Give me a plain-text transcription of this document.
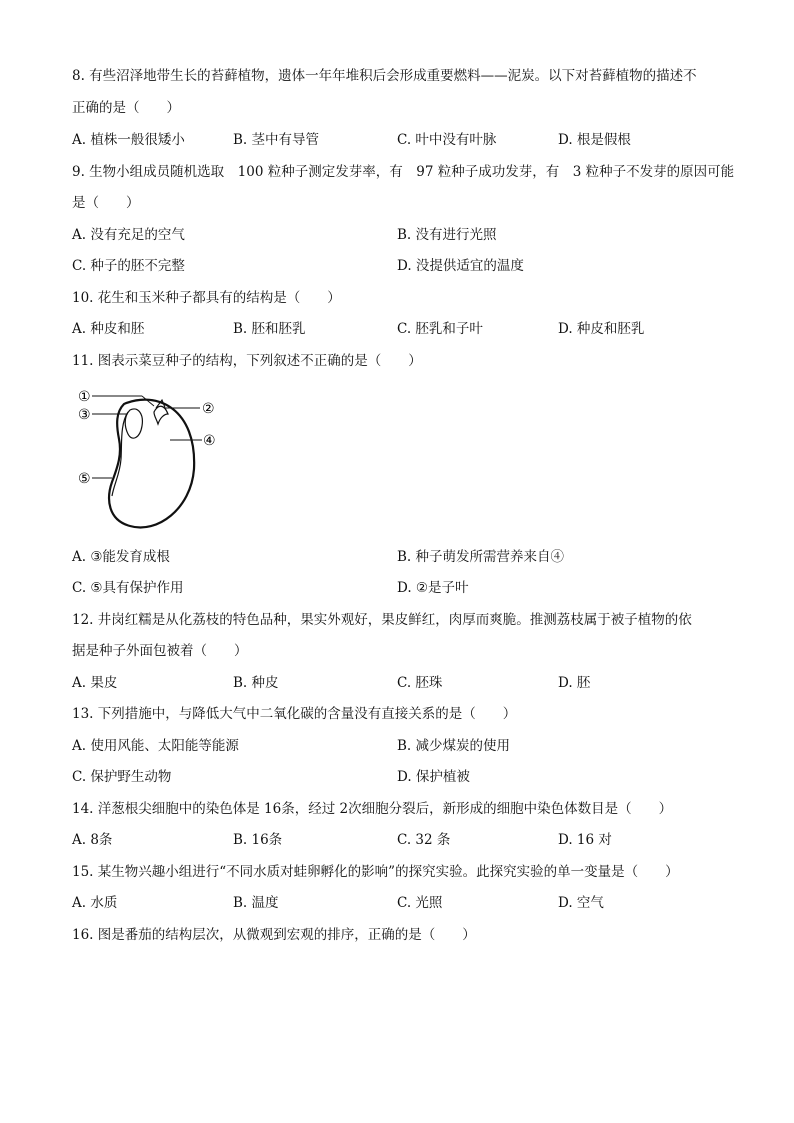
8. 有些沼泽地带生长的苔藓植物，遗体一年年堆积后会形成重要燃料——泥炭。以下对苔藓植物的描述不
正确的是（　　）
A. 植株一般很矮小	B. 茎中有导管	C. 叶中没有叶脉	D. 根是假根
9. 生物小组成员随机选取　100 粒种子测定发芽率，有　97 粒种子成功发芽，有　3 粒种子不发芽的原因可能
是（　　）
A. 没有充足的空气	B. 没有进行光照
C. 种子的胚不完整	D. 没提供适宜的温度
10. 花生和玉米种子都具有的结构是（　　）
A. 种皮和胚	B. 胚和胚乳	C. 胚乳和子叶	D. 种皮和胚乳
11. 图表示菜豆种子的结构，下列叙述不正确的是（　　）
①
②
③
④
⑤
A. ③能发育成根	B. 种子萌发所需营养来自④
C. ⑤具有保护作用	D. ②是子叶
12. 井岗红糯是从化荔枝的特色品种，果实外观好，果皮鲜红，肉厚而爽脆。推测荔枝属于被子植物的依
据是种子外面包被着（　　）
A. 果皮	B. 种皮	C. 胚珠	D. 胚
13. 下列措施中，与降低大气中二氧化碳的含量没有直接关系的是（　　）
A. 使用风能、太阳能等能源	B. 减少煤炭的使用
C. 保护野生动物	D. 保护植被
14. 洋葱根尖细胞中的染色体是 16条，经过 2次细胞分裂后，新形成的细胞中染色体数目是（　　）
A. 8条	B. 16条	C. 32 条	D. 16 对
15. 某生物兴趣小组进行“不同水质对蛙卵孵化的影响”的探究实验。此探究实验的单一变量是（　　）
A. 水质	B. 温度	C. 光照	D. 空气
16. 图是番茄的结构层次，从微观到宏观的排序，正确的是（　　）
